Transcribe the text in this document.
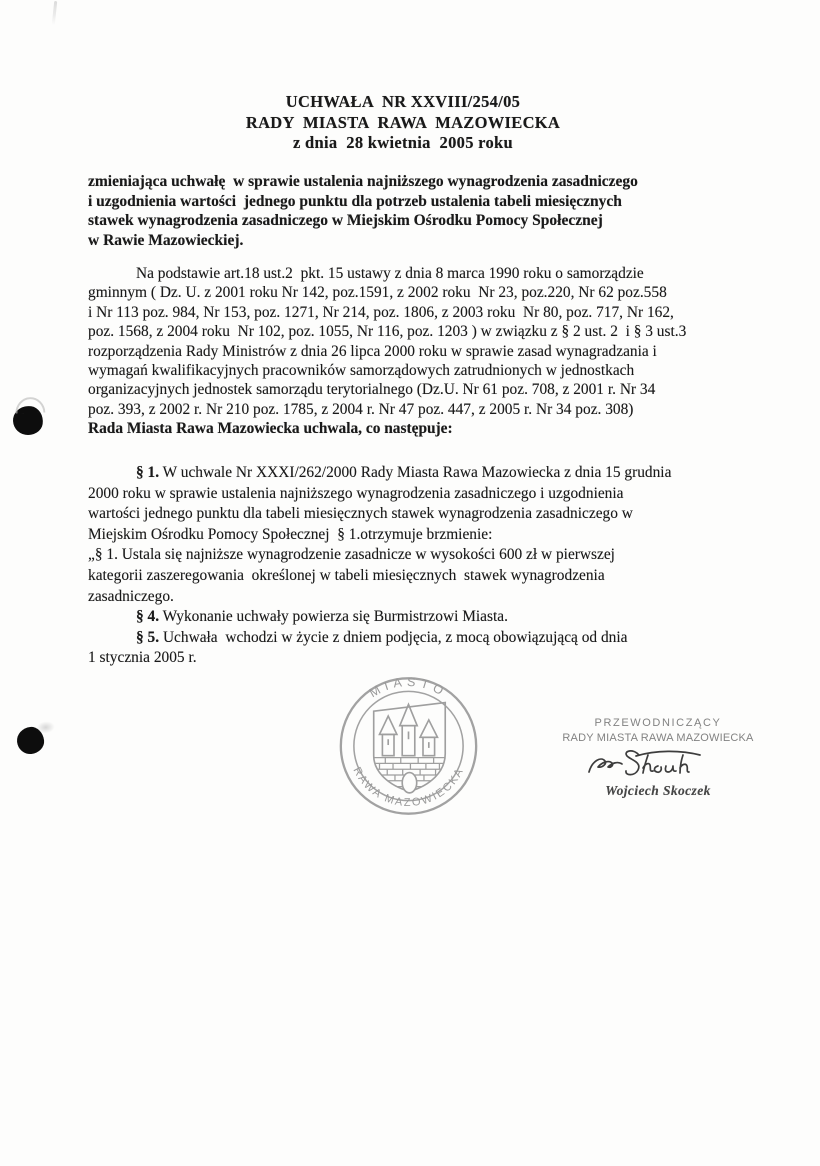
UCHWAŁA  NR XXVIII/254/05
RADY  MIASTA  RAWA  MAZOWIECKA
z dnia  28 kwietnia  2005 roku
zmieniająca uchwałę  w sprawie ustalenia najniższego wynagrodzenia zasadniczego
i uzgodnienia wartości  jednego punktu dla potrzeb ustalenia tabeli miesięcznych
stawek wynagrodzenia zasadniczego w Miejskim Ośrodku Pomocy Społecznej
w Rawie Mazowieckiej.
Na podstawie art.18 ust.2  pkt. 15 ustawy z dnia 8 marca 1990 roku o samorządzie
gminnym ( Dz. U. z 2001 roku Nr 142, poz.1591, z 2002 roku  Nr 23, poz.220, Nr 62 poz.558
i Nr 113 poz. 984, Nr 153, poz. 1271, Nr 214, poz. 1806, z 2003 roku  Nr 80, poz. 717, Nr 162,
poz. 1568, z 2004 roku  Nr 102, poz. 1055, Nr 116, poz. 1203 ) w związku z § 2 ust. 2  i § 3 ust.3
rozporządzenia Rady Ministrów z dnia 26 lipca 2000 roku w sprawie zasad wynagradzania i
wymagań kwalifikacyjnych pracowników samorządowych zatrudnionych w jednostkach
organizacyjnych jednostek samorządu terytorialnego (Dz.U. Nr 61 poz. 708, z 2001 r. Nr 34
poz. 393, z 2002 r. Nr 210 poz. 1785, z 2004 r. Nr 47 poz. 447, z 2005 r. Nr 34 poz. 308)
Rada Miasta Rawa Mazowiecka uchwala, co następuje:
§ 1. W uchwale Nr XXXI/262/2000 Rady Miasta Rawa Mazowiecka z dnia 15 grudnia
2000 roku w sprawie ustalenia najniższego wynagrodzenia zasadniczego i uzgodnienia
wartości jednego punktu dla tabeli miesięcznych stawek wynagrodzenia zasadniczego w
Miejskim Ośrodku Pomocy Społecznej  § 1.otrzymuje brzmienie:
„§ 1. Ustala się najniższe wynagrodzenie zasadnicze w wysokości 600 zł w pierwszej
kategorii zaszeregowania  określonej w tabeli miesięcznych  stawek wynagrodzenia
zasadniczego.
§ 4. Wykonanie uchwały powierza się Burmistrzowi Miasta.
§ 5. Uchwała  wchodzi w życie z dniem podjęcia, z mocą obowiązującą od dnia
1 stycznia 2005 r.
MIASTO
RAWA MAZOWIECKA
PRZEWODNICZĄCY
RADY MIASTA RAWA MAZOWIECKA
Wojciech Skoczek
